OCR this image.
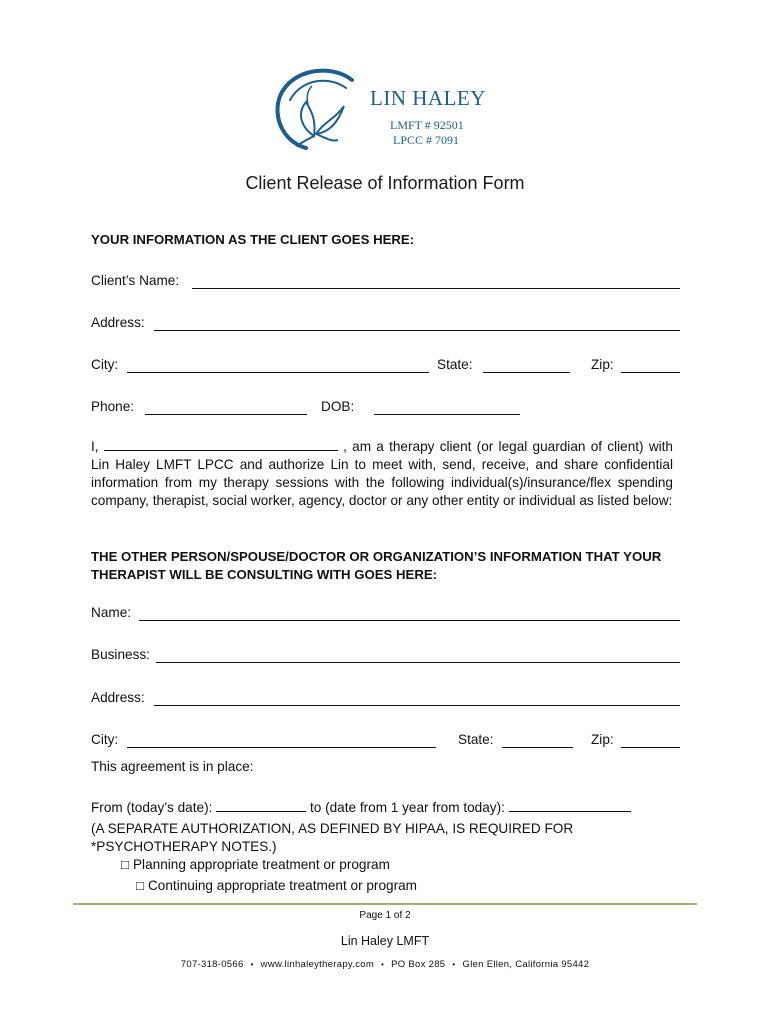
LIN HALEY
LMFT # 92501
LPCC # 7091
Client Release of Information Form
YOUR INFORMATION AS THE CLIENT GOES HERE:
Client’s Name:
Address:
City:	State:	Zip:
Phone:	DOB:
I,	, am a therapy client (or legal guardian of client) with Lin Haley LMFT LPCC and authorize Lin to meet with, send, receive, and share confidential information from my therapy sessions with the following individual(s)/insurance/flex spending company, therapist, social worker, agency, doctor or any other entity or individual as listed below:
THE OTHER PERSON/SPOUSE/DOCTOR OR ORGANIZATION’S INFORMATION THAT YOUR THERAPIST WILL BE CONSULTING WITH GOES HERE:
Name:
Business:
Address:
City:	State:	Zip:
This agreement is in place:
From (today’s date):	to (date from 1 year from today):
(A SEPARATE AUTHORIZATION, AS DEFINED BY HIPAA, IS REQUIRED FOR *PSYCHOTHERAPY NOTES.)
□ Planning appropriate treatment or program
□ Continuing appropriate treatment or program
Page 1 of 2
Lin Haley LMFT
707-318-0566 • www.linhaleytherapy.com • PO Box 285 • Glen Ellen, California 95442
